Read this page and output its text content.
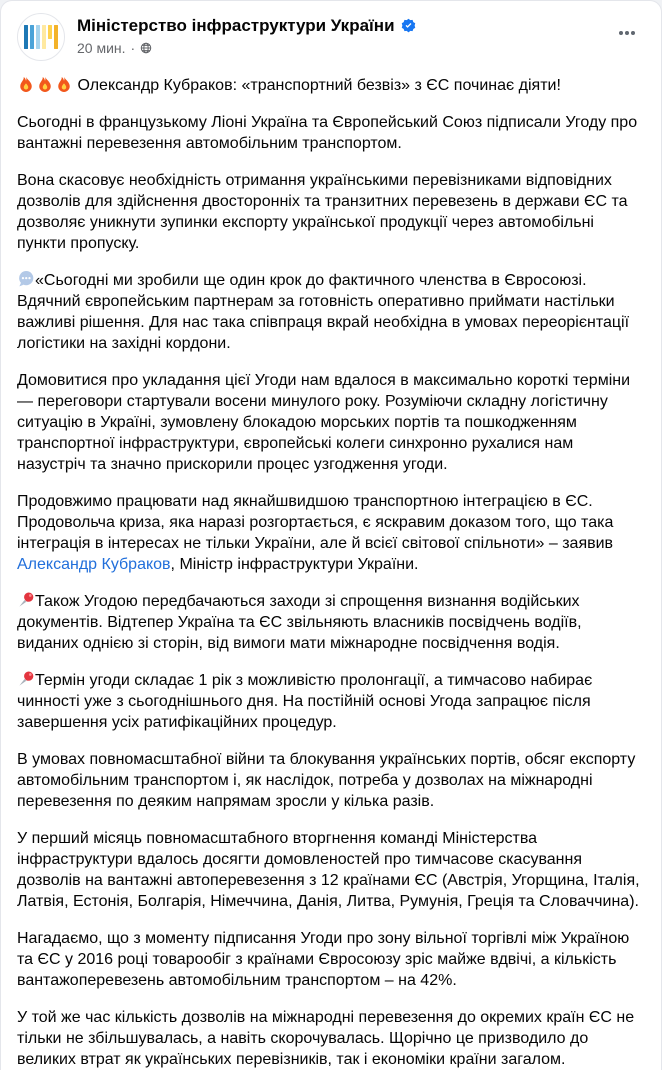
Міністерство інфраструктури України
20 мин. ·

Олександр Кубраков: «транспортний безвіз» з ЄС починає діяти!

Сьогодні в французькому Ліоні Україна та Європейський Союз підписали Угоду про вантажні перевезення автомобільним транспортом.

Вона скасовує необхідність отримання українськими перевізниками відповідних дозволів для здійснення двосторонніх та транзитних перевезень в держави ЄС та дозволяє уникнути зупинки експорту української продукції через автомобільні пункти пропуску.

«Сьогодні ми зробили ще один крок до фактичного членства в Євросоюзі. Вдячний європейським партнерам за готовність оперативно приймати настільки важливі рішення. Для нас така співпраця вкрай необхідна в умовах переорієнтації логістики на західні кордони.

Домовитися про укладання цієї Угоди нам вдалося в максимально короткі терміни — переговори стартували восени минулого року. Розуміючи складну логістичну ситуацію в Україні, зумовлену блокадою морських портів та пошкодженням транспортної інфраструктури, європейські колеги синхронно рухалися нам назустріч та значно прискорили процес узгодження угоди.

Продовжимо працювати над якнайшвидшою транспортною інтеграцією в ЄС. Продовольча криза, яка наразі розгортається, є яскравим доказом того, що така інтеграція в інтересах не тільки України, але й всієї світової спільноти» – заявив Александр Кубраков, Міністр інфраструктури України.

Також Угодою передбачаються заходи зі спрощення визнання водійських документів. Відтепер Україна та ЄС звільняють власників посвідчень водіїв, виданих однією зі сторін, від вимоги мати міжнародне посвідчення водія.

Термін угоди складає 1 рік з можливістю пролонгації, а тимчасово набирає чинності уже з сьогоднішнього дня. На постійній основі Угода запрацює після завершення усіх ратифікаційних процедур.

В умовах повномасштабної війни та блокування українських портів, обсяг експорту автомобільним транспортом і, як наслідок, потреба у дозволах на міжнародні перевезення по деяким напрямам зросли у кілька разів.

У перший місяць повномасштабного вторгнення команді Міністерства інфраструктури вдалось досягти домовленостей про тимчасове скасування дозволів на вантажні автоперевезення з 12 країнами ЄС (Австрія, Угорщина, Італія, Латвія, Естонія, Болгарія, Німеччина, Данія, Литва, Румунія, Греція та Словаччина).

Нагадаємо, що з моменту підписання Угоди про зону вільної торгівлі між Україною та ЄС у 2016 році товарообіг з країнами Євросоюзу зріс майже вдвічі, а кількість вантажоперевезень автомобільним транспортом – на 42%.

У той же час кількість дозволів на міжнародні перевезення до окремих країн ЄС не тільки не збільшувалась, а навіть скорочувалась. Щорічно це призводило до великих втрат як українських перевізників, так і економіки країни загалом.
